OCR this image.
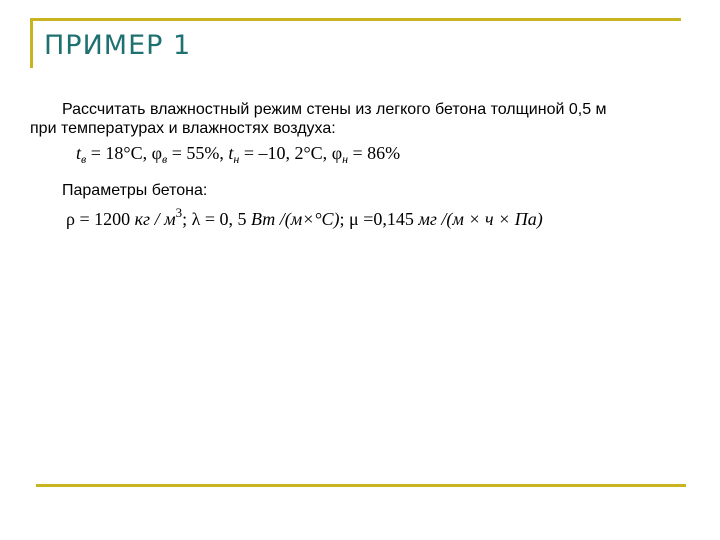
ПРИМЕР 1
Рассчитать влажностный режим стены из легкого бетона толщиной 0,5 м
при температурах и влажностях воздуха:
$t_в = 18^\circ C$, $\varphi_в = 55\%$, $t_н = -10$, 2°C, $\varphi_н = 86\%$
Параметры бетона:
ρ = 1200 кг / $м^3$; λ = 0, 5 Вт /(м×°С); μ =0,145 мг /(м × ч × Па)
